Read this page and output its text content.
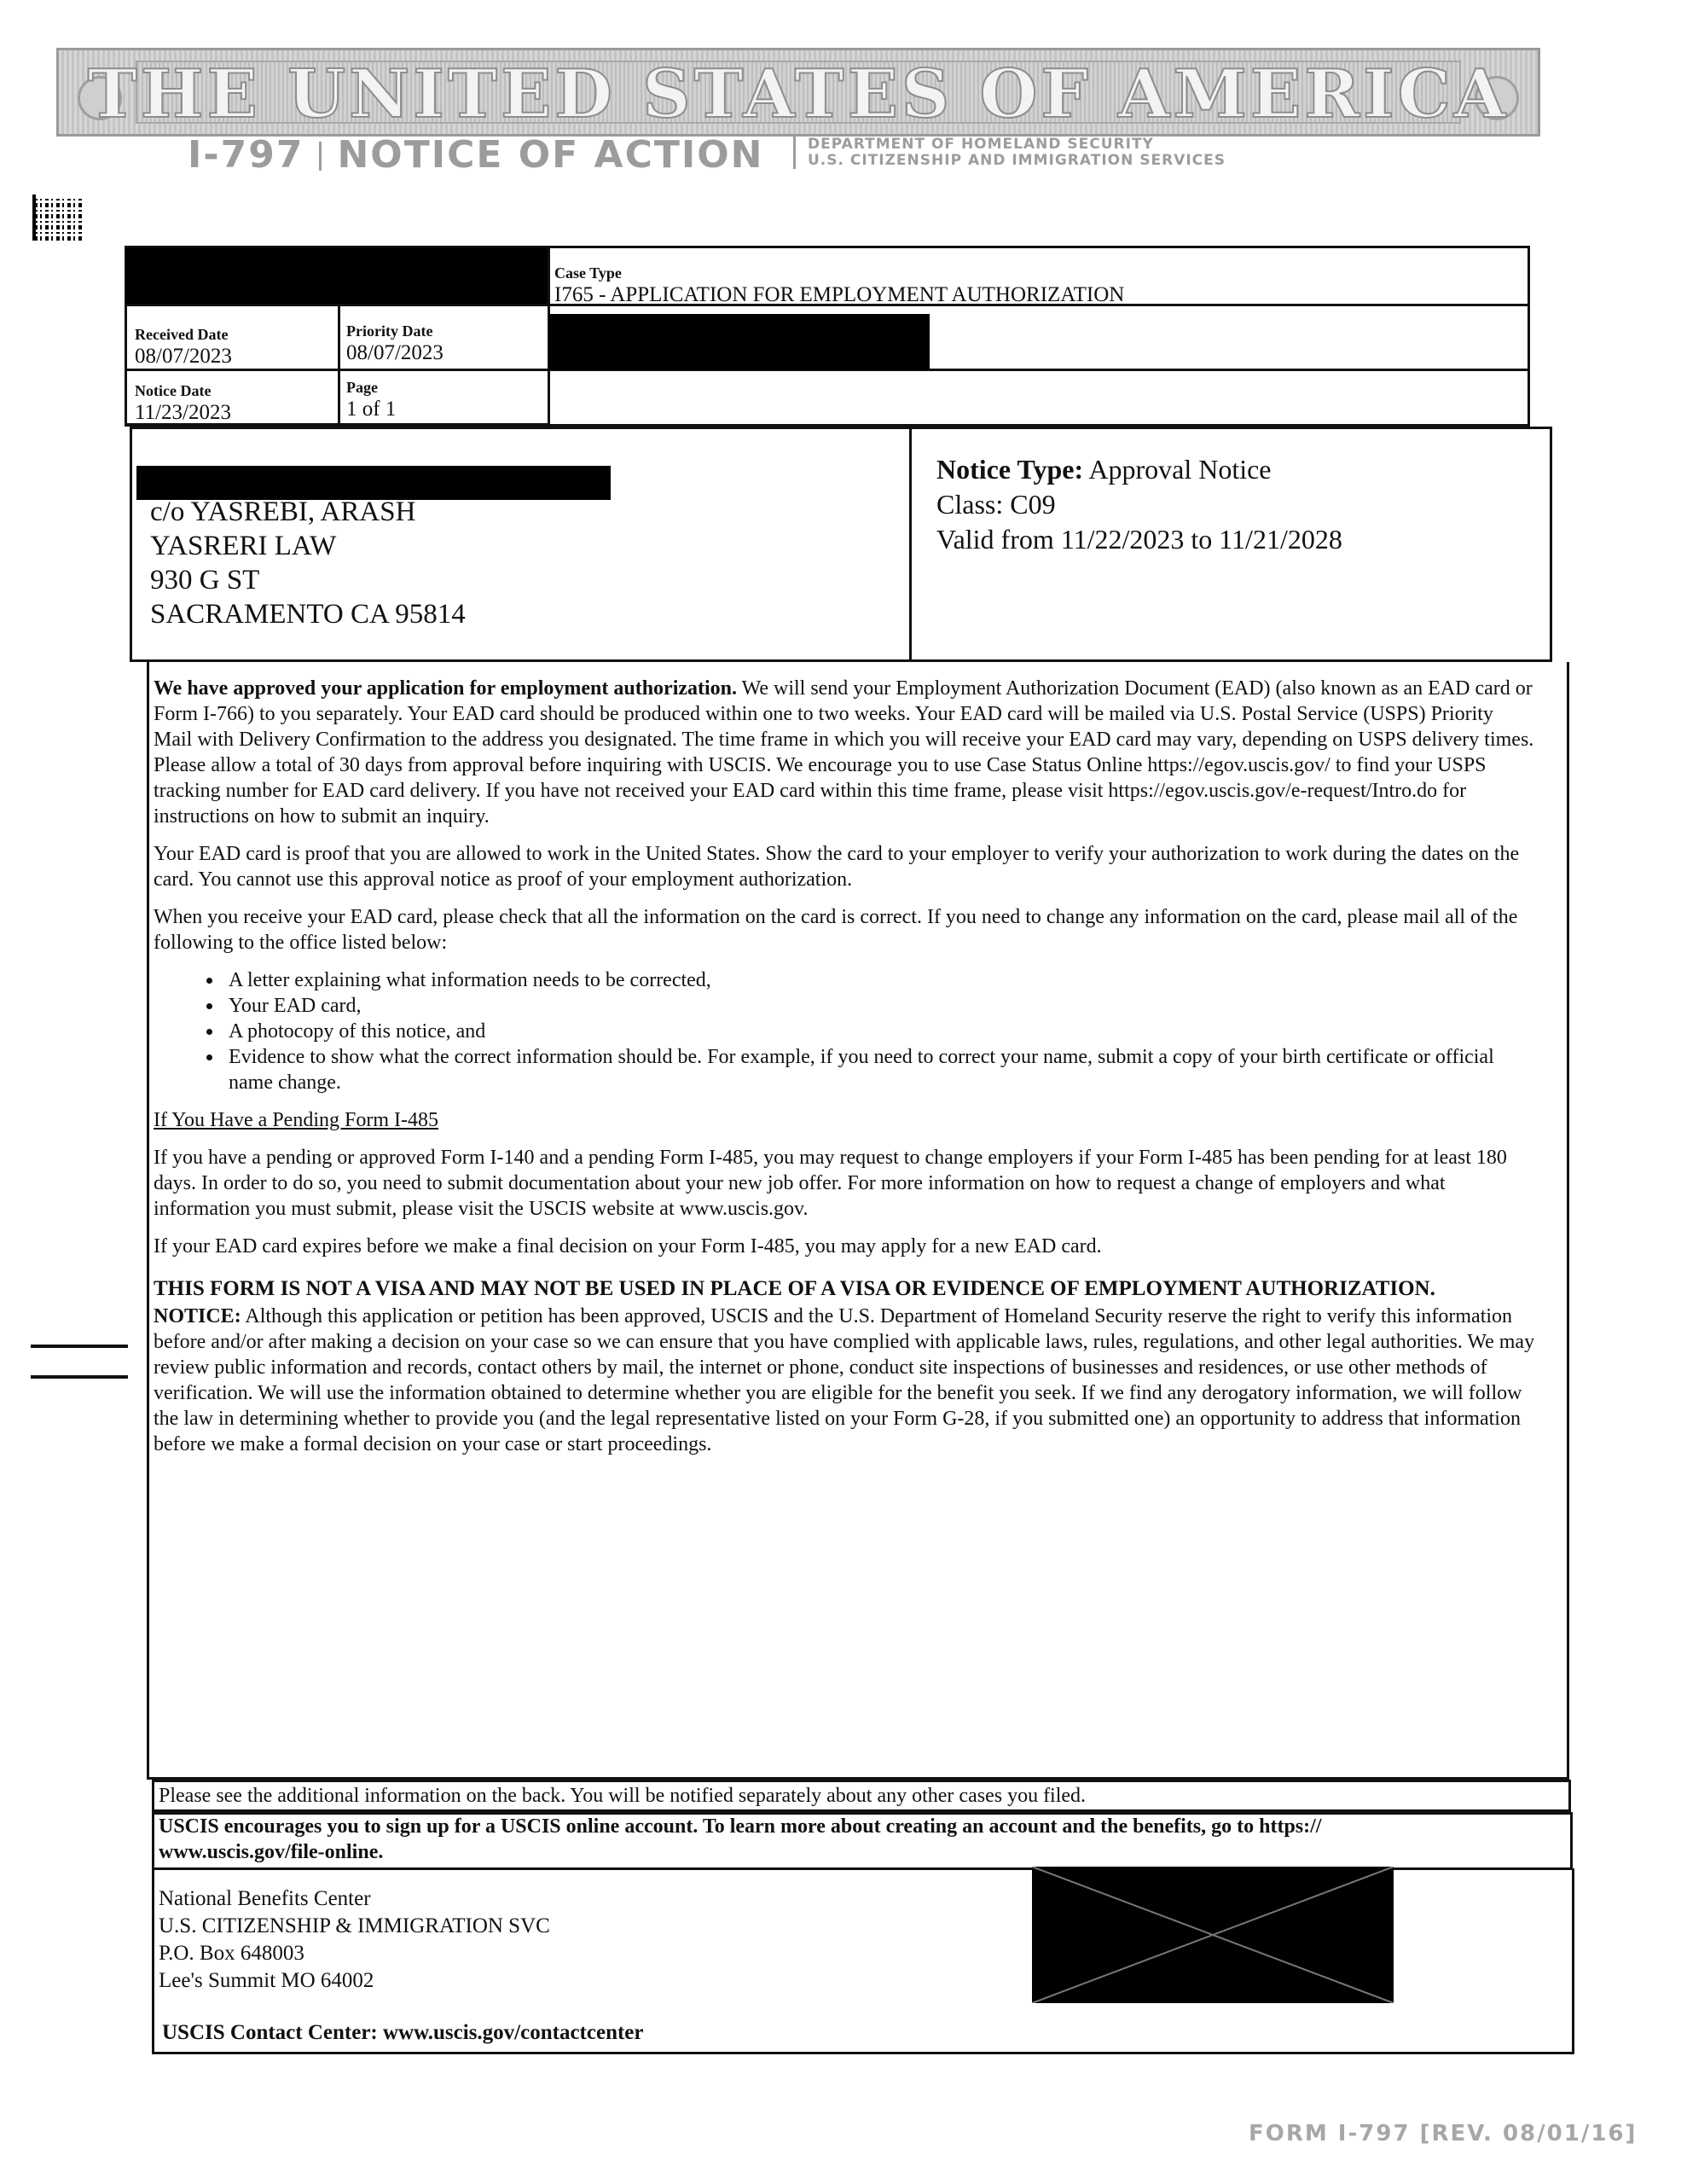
THE UNITED STATES OF AMERICA
I-797 NOTICE OF ACTION	DEPARTMENT OF HOMELAND SECURITY
U.S. CITIZENSHIP AND IMMIGRATION SERVICES
Case Type
I765 - APPLICATION FOR EMPLOYMENT AUTHORIZATION
Received Date
08/07/2023
Priority Date
08/07/2023
Notice Date
11/23/2023
Page
1 of 1
c/o YASREBI, ARASH
YASRERI LAW
930 G ST
SACRAMENTO CA 95814
Notice Type: Approval Notice
Class: C09
Valid from 11/22/2023 to 11/21/2028

We have approved your application for employment authorization. We will send your Employment Authorization Document (EAD) (also known as an EAD card or Form I-766) to you separately. Your EAD card should be produced within one to two weeks. Your EAD card will be mailed via U.S. Postal Service (USPS) Priority Mail with Delivery Confirmation to the address you designated. The time frame in which you will receive your EAD card may vary, depending on USPS delivery times. Please allow a total of 30 days from approval before inquiring with USCIS. We encourage you to use Case Status Online https://egov.uscis.gov/ to find your USPS tracking number for EAD card delivery. If you have not received your EAD card within this time frame, please visit https://egov.uscis.gov/e-request/Intro.do for instructions on how to submit an inquiry.

Your EAD card is proof that you are allowed to work in the United States. Show the card to your employer to verify your authorization to work during the dates on the card. You cannot use this approval notice as proof of your employment authorization.

When you receive your EAD card, please check that all the information on the card is correct. If you need to change any information on the card, please mail all of the following to the office listed below:

• A letter explaining what information needs to be corrected,
• Your EAD card,
• A photocopy of this notice, and
• Evidence to show what the correct information should be. For example, if you need to correct your name, submit a copy of your birth certificate or official name change.

If You Have a Pending Form I-485

If you have a pending or approved Form I-140 and a pending Form I-485, you may request to change employers if your Form I-485 has been pending for at least 180 days. In order to do so, you need to submit documentation about your new job offer. For more information on how to request a change of employers and what information you must submit, please visit the USCIS website at www.uscis.gov.

If your EAD card expires before we make a final decision on your Form I-485, you may apply for a new EAD card.

THIS FORM IS NOT A VISA AND MAY NOT BE USED IN PLACE OF A VISA OR EVIDENCE OF EMPLOYMENT AUTHORIZATION.

NOTICE: Although this application or petition has been approved, USCIS and the U.S. Department of Homeland Security reserve the right to verify this information before and/or after making a decision on your case so we can ensure that you have complied with applicable laws, rules, regulations, and other legal authorities. We may review public information and records, contact others by mail, the internet or phone, conduct site inspections of businesses and residences, or use other methods of verification. We will use the information obtained to determine whether you are eligible for the benefit you seek. If we find any derogatory information, we will follow the law in determining whether to provide you (and the legal representative listed on your Form G-28, if you submitted one) an opportunity to address that information before we make a formal decision on your case or start proceedings.

Please see the additional information on the back. You will be notified separately about any other cases you filed.
USCIS encourages you to sign up for a USCIS online account. To learn more about creating an account and the benefits, go to https://
www.uscis.gov/file-online.
National Benefits Center
U.S. CITIZENSHIP & IMMIGRATION SVC
P.O. Box 648003
Lee's Summit MO 64002
USCIS Contact Center: www.uscis.gov/contactcenter
FORM I-797 [REV. 08/01/16]
